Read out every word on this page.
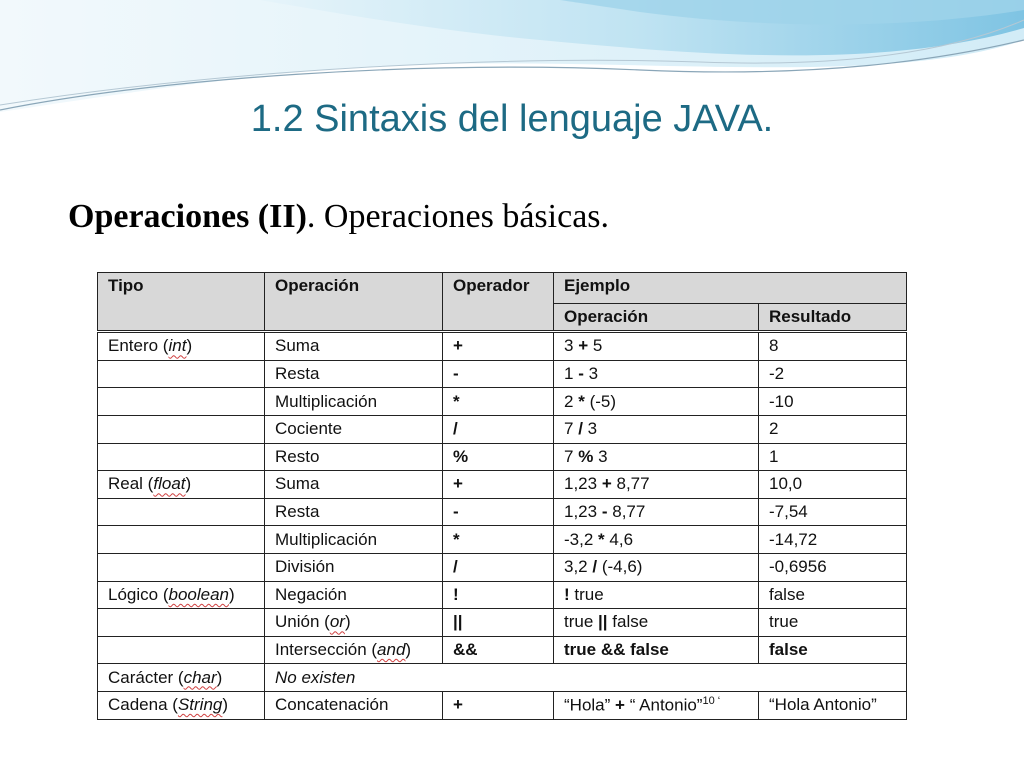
1.2 Sintaxis del lenguaje JAVA.
Operaciones (II). Operaciones básicas.
Tipo	Operación	Operador	Ejemplo	
			Operación	Resultado
Entero (int)	Suma	+	3 + 5	8
	Resta	-	1 - 3	-2
	Multiplicación	*	2 * (-5)	-10
	Cociente	/	7 / 3	2
	Resto	%	7 % 3	1
Real (float)	Suma	+	1,23 + 8,77	10,0
	Resta	-	1,23 - 8,77	-7,54
	Multiplicación	*	-3,2 * 4,6	-14,72
	División	/	3,2 / (-4,6)	-0,6956
Lógico (boolean)	Negación	!	! true	false
	Unión (or)	||	true || false	true
	Intersección (and)	&&	true && false	false
Carácter (char)	No existen			
Cadena (String)	Concatenación	+	“Hola” + “ Antonio”$^{10 ‘}$	“Hola Antonio”
